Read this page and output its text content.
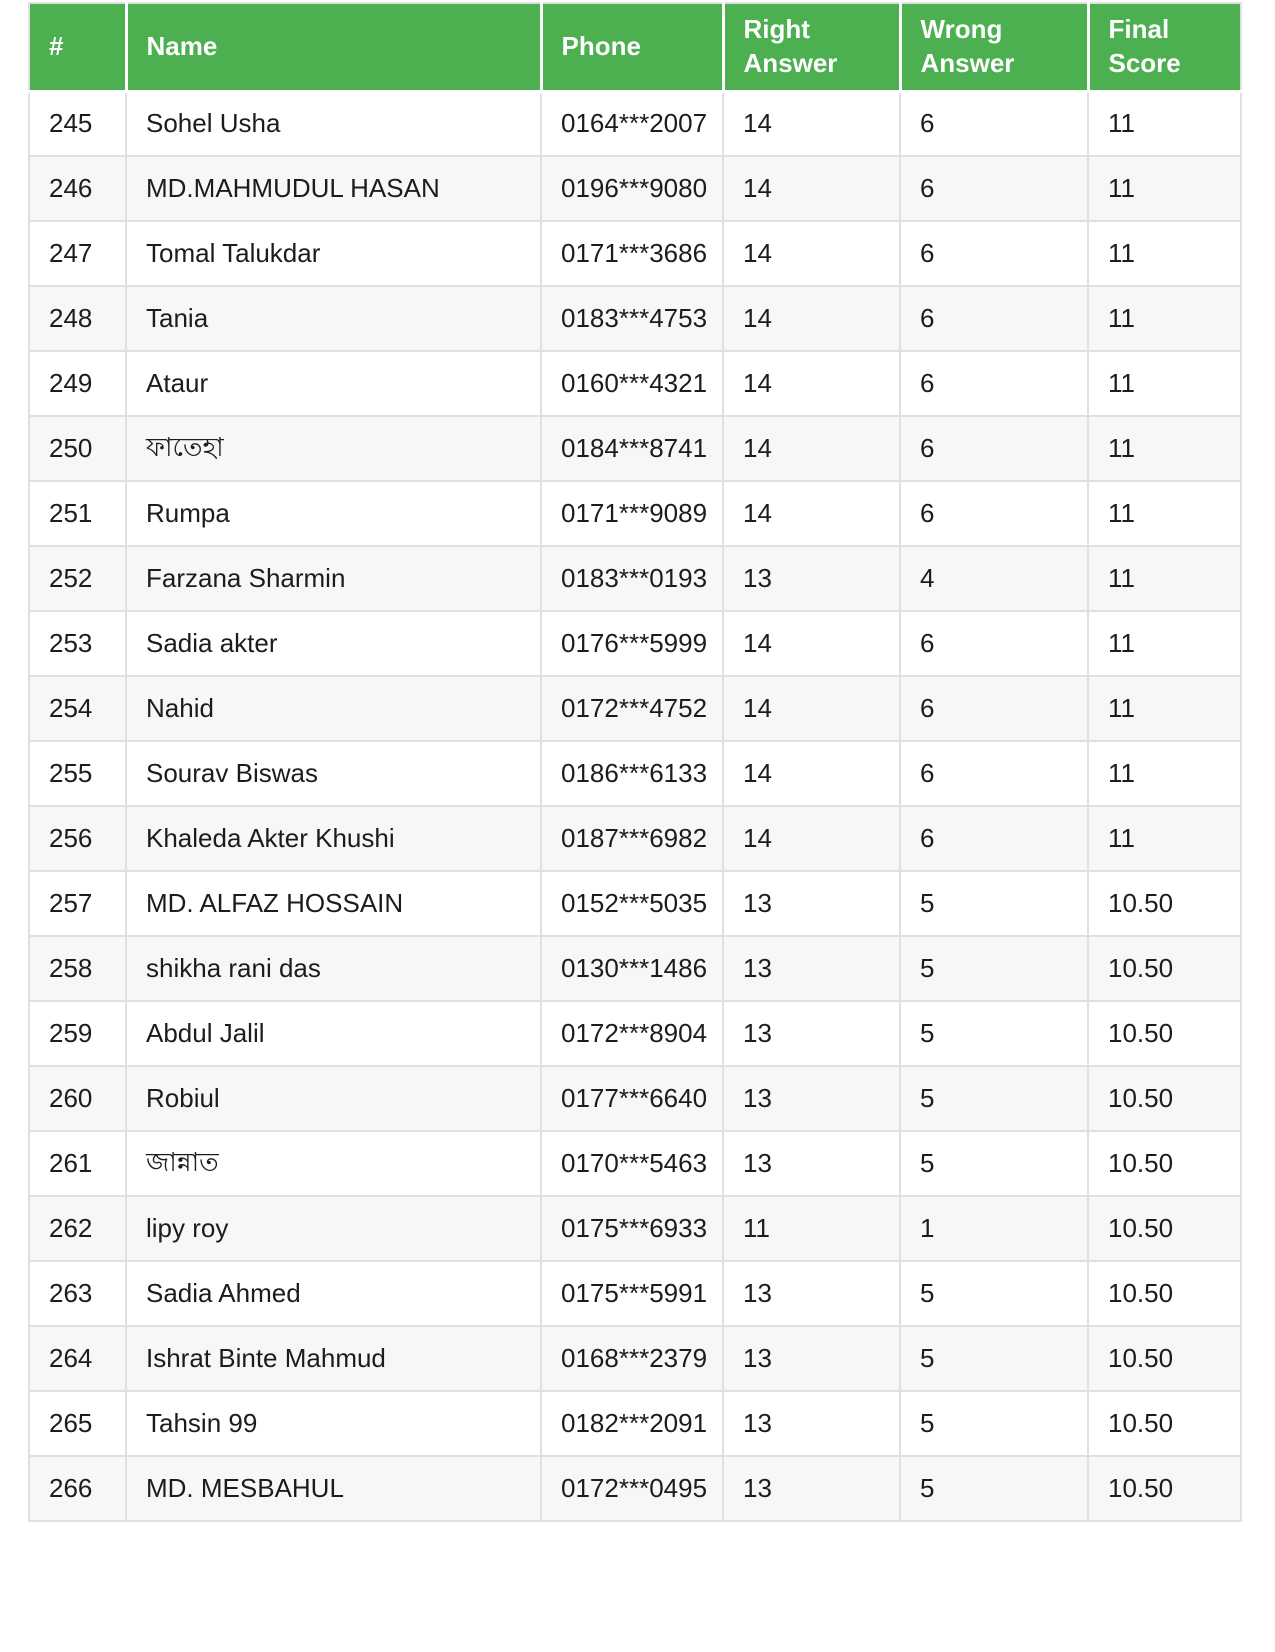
#	Name	Phone	Right Answer	Wrong Answer	Final Score
245	Sohel Usha	0164***2007	14	6	11
246	MD.MAHMUDUL HASAN	0196***9080	14	6	11
247	Tomal Talukdar	0171***3686	14	6	11
248	Tania	0183***4753	14	6	11
249	Ataur	0160***4321	14	6	11
250	ফাতেহা	0184***8741	14	6	11
251	Rumpa	0171***9089	14	6	11
252	Farzana Sharmin	0183***0193	13	4	11
253	Sadia akter	0176***5999	14	6	11
254	Nahid	0172***4752	14	6	11
255	Sourav Biswas	0186***6133	14	6	11
256	Khaleda Akter Khushi	0187***6982	14	6	11
257	MD. ALFAZ HOSSAIN	0152***5035	13	5	10.50
258	shikha rani das	0130***1486	13	5	10.50
259	Abdul Jalil	0172***8904	13	5	10.50
260	Robiul	0177***6640	13	5	10.50
261	জান্নাত	0170***5463	13	5	10.50
262	lipy roy	0175***6933	11	1	10.50
263	Sadia Ahmed	0175***5991	13	5	10.50
264	Ishrat Binte Mahmud	0168***2379	13	5	10.50
265	Tahsin 99	0182***2091	13	5	10.50
266	MD. MESBAHUL	0172***0495	13	5	10.50
